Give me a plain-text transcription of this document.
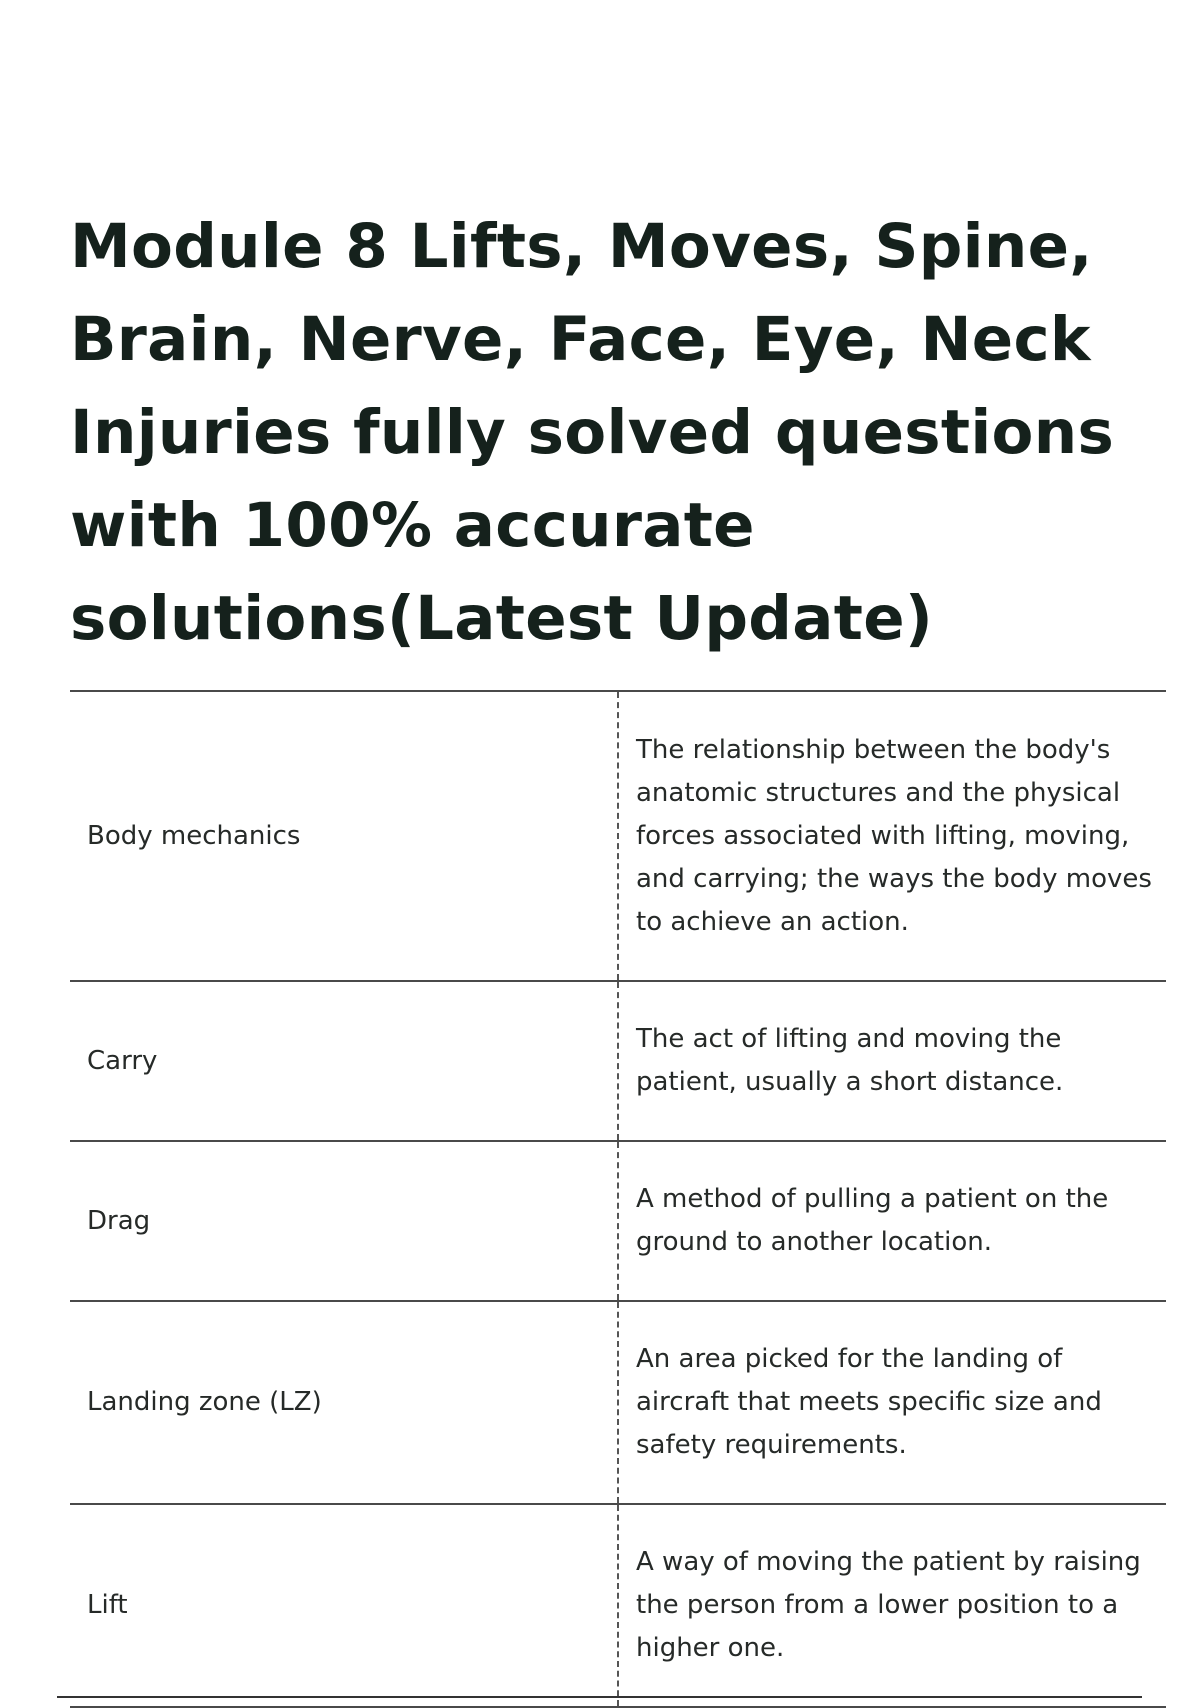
Module 8 Lifts, Moves, Spine, Brain, Nerve, Face, Eye, Neck Injuries fully solved questions with 100% accurate solutions(Latest Update)
Body mechanics	The relationship between the body's anatomic structures and the physical forces associated with lifting, moving, and carrying; the ways the body moves to achieve an action.
Carry	The act of lifting and moving the patient, usually a short distance.
Drag	A method of pulling a patient on the ground to another location.
Landing zone (LZ)	An area picked for the landing of aircraft that meets specific size and safety requirements.
Lift	A way of moving the patient by raising the person from a lower position to a higher one.
